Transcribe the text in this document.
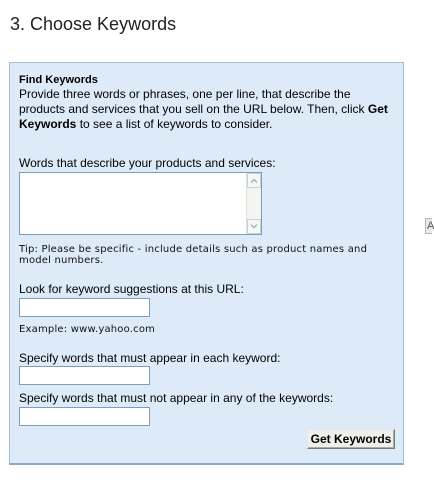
3. Choose Keywords
Find Keywords
Provide three words or phrases, one per line, that describe the products and services that you sell on the URL below. Then, click Get Keywords to see a list of keywords to consider.
Words that describe your products and services:
Tip: Please be specific - include details such as product names and model numbers.
Look for keyword suggestions at this URL:
Example: www.yahoo.com
Specify words that must appear in each keyword:
Specify words that must not appear in any of the keywords:
Get Keywords
A
